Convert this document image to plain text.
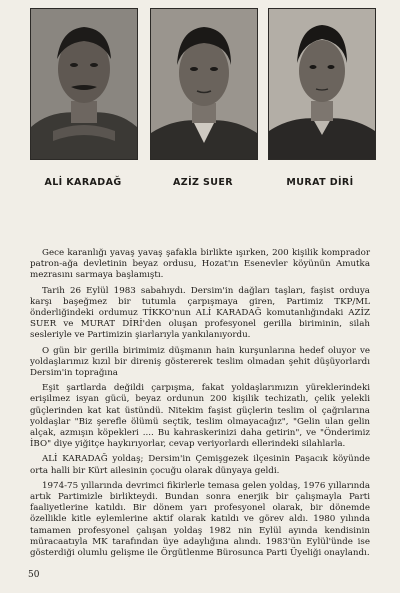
ALİ KARADAĞ	AZİZ SUER	MURAT DİRİ

Gece karanlığı yavaş yavaş şafakla birlikte ışırken, 200 kişilik komprador patron-ağa devletinin beyaz ordusu, Hozat'ın Esenevler köyünün Amutka mezrasını sarmaya başlamıştı.

Tarih 26 Eylül 1983 sabahıydı. Dersim'in dağları taşları, faşist orduya karşı başeğmez bir tutumla çarpışmaya giren, Partimiz TKP/ML önderliğindeki ordumuz TİKKO'nun ALİ KARADAĞ komutanlığındaki AZİZ SUER ve MURAT DİRİ'den oluşan profesyonel gerilla biriminin, silah sesleriyle ve Partimizin şiarlarıyla yankılanıyordu.

O gün bir gerilla birimimiz düşmanın hain kurşunlarına hedef oluyor ve yoldaşlarımız kızıl bir direniş göstererek teslim olmadan şehit düşüyorlardı Dersim'in toprağına

Eşit şartlarda değildi çarpışma, fakat yoldaşlarımızın yüreklerindeki erişilmez isyan gücü, beyaz ordunun 200 kişilik techizatlı, çelik yelekli güçlerinden kat kat üstündü. Nitekim faşist güçlerin teslim ol çağrılarına yoldaşlar "Biz şerefle ölümü seçtik, teslim olmayacağız", "Gelin ulan gelin alçak, azmışın köpekleri .... Bu kahraskerinizi daha getirin", ve "Önderimiz İBO" diye yiğitçe haykırıyorlar, cevap veriyorlardı ellerindeki silahlarla.

ALİ KARADAĞ yoldaş; Dersim'in Çemişgezek ilçesinin Paşacık köyünde orta halli bir Kürt ailesinin çocuğu olarak dünyaya geldi.

1974-75 yıllarında devrimci fikirlerle temasa gelen yoldaş, 1976 yıllarında artık Partimizle birlikteydi. Bundan sonra enerjik bir çalışmayla Parti faaliyetlerine katıldı. Bir dönem yarı profesyonel olarak, bir dönemde özellikle kitle eylemlerine aktif olarak katıldı ve görev aldı. 1980 yılında tamamen profesyonel çalışan yoldaş 1982 nin Eylül ayında kendisinin müracaatıyla MK tarafından üye adaylığına alındı. 1983'ün Eylül'ünde ise gösterdiği olumlu gelişme ile Örgütlenme Bürosunca Parti Üyeliği onaylandı.

50
